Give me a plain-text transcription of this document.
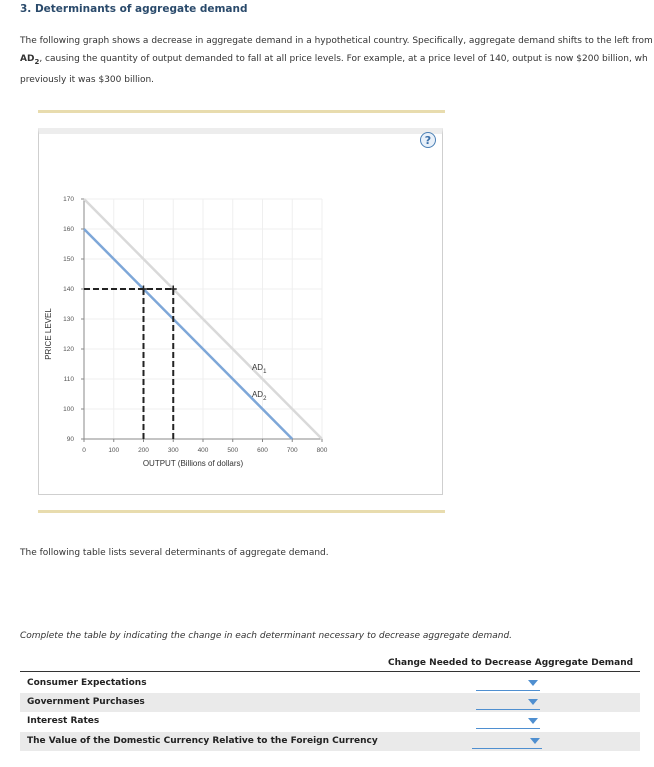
3. Determinants of aggregate demand

The following graph shows a decrease in aggregate demand in a hypothetical country. Specifically, aggregate demand shifts to the left from

$AD_2$, causing the quantity of output demanded to fall at all price levels. For example, at a price level of 140, output is now $200 billion, wh

previously it was $300 billion.

?
0	100	200	300	400	500	600	700	800
90
100
110
120
130
140
150
160
170
OUTPUT (Billions of dollars)
PRICE LEVEL
$AD_1$
$AD_2$
The following table lists several determinants of aggregate demand.
Complete the table by indicating the change in each determinant necessary to decrease aggregate demand.
Change Needed to Decrease Aggregate Demand
Consumer Expectations
Government Purchases
Interest Rates
The Value of the Domestic Currency Relative to the Foreign Currency
